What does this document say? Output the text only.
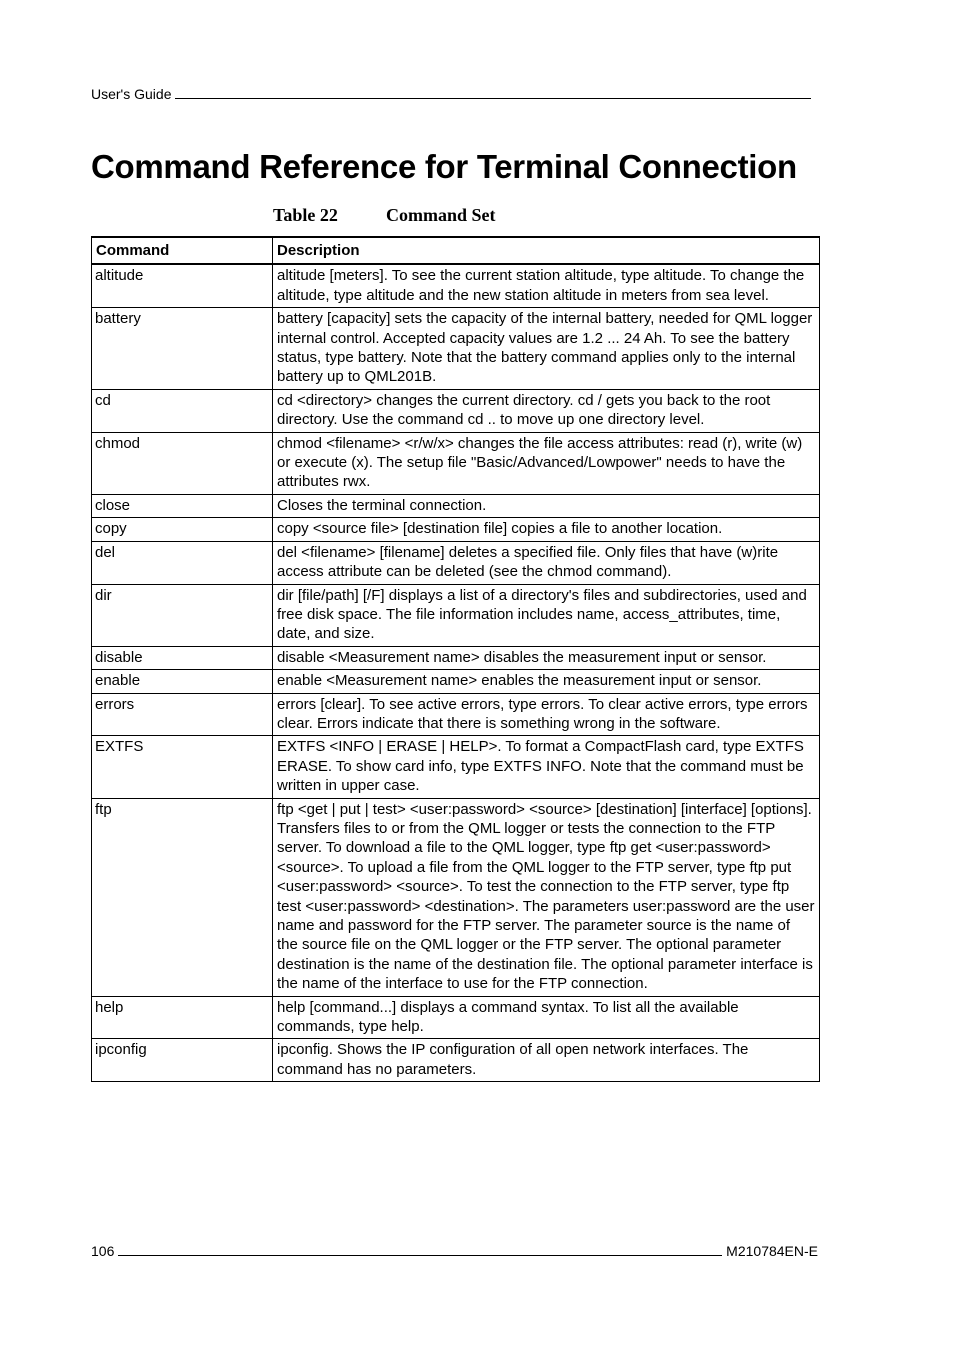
User's Guide
Command Reference for Terminal Connection
Table 22	Command Set
Command	Description
altitude	altitude [meters]. To see the current station altitude, type altitude. To change the altitude, type altitude and the new station altitude in meters from sea level.
battery	battery [capacity] sets the capacity of the internal battery, needed for QML logger internal control. Accepted capacity values are 1.2 ... 24 Ah. To see the battery status, type battery. Note that the battery command applies only to the internal battery up to QML201B.
cd	cd <directory> changes the current directory. cd / gets you back to the root directory. Use the command cd .. to move up one directory level.
chmod	chmod <filename> <r/w/x> changes the file access attributes: read (r), write (w) or execute (x). The setup file "Basic/Advanced/Lowpower" needs to have the attributes rwx.
close	Closes the terminal connection.
copy	copy <source file> [destination file] copies a file to another location.
del	del <filename> [filename] deletes a specified file. Only files that have (w)rite access attribute can be deleted (see the chmod command).
dir	dir [file/path] [/F] displays a list of a directory's files and subdirectories, used and free disk space. The file information includes name, access_attributes, time, date, and size.
disable	disable <Measurement name> disables the measurement input or sensor.
enable	enable <Measurement name> enables the measurement input or sensor.
errors	errors [clear]. To see active errors, type errors. To clear active errors, type errors clear. Errors indicate that there is something wrong in the software.
EXTFS	EXTFS <INFO | ERASE | HELP>. To format a CompactFlash card, type EXTFS ERASE. To show card info, type EXTFS INFO. Note that the command must be written in upper case.
ftp	ftp <get | put | test> <user:password> <source> [destination] [interface] [options]. Transfers files to or from the QML logger or tests the connection to the FTP server. To download a file to the QML logger, type ftp get <user:password> <source>. To upload a file from the QML logger to the FTP server, type ftp put <user:password> <source>. To test the connection to the FTP server, type ftp test <user:password> <destination>. The parameters user:password are the user name and password for the FTP server. The parameter source is the name of the source file on the QML logger or the FTP server. The optional parameter destination is the name of the destination file. The optional parameter interface is the name of the interface to use for the FTP connection.
help	help [command...] displays a command syntax. To list all the available commands, type help.
ipconfig	ipconfig. Shows the IP configuration of all open network interfaces. The command has no parameters.
106	M210784EN-E
